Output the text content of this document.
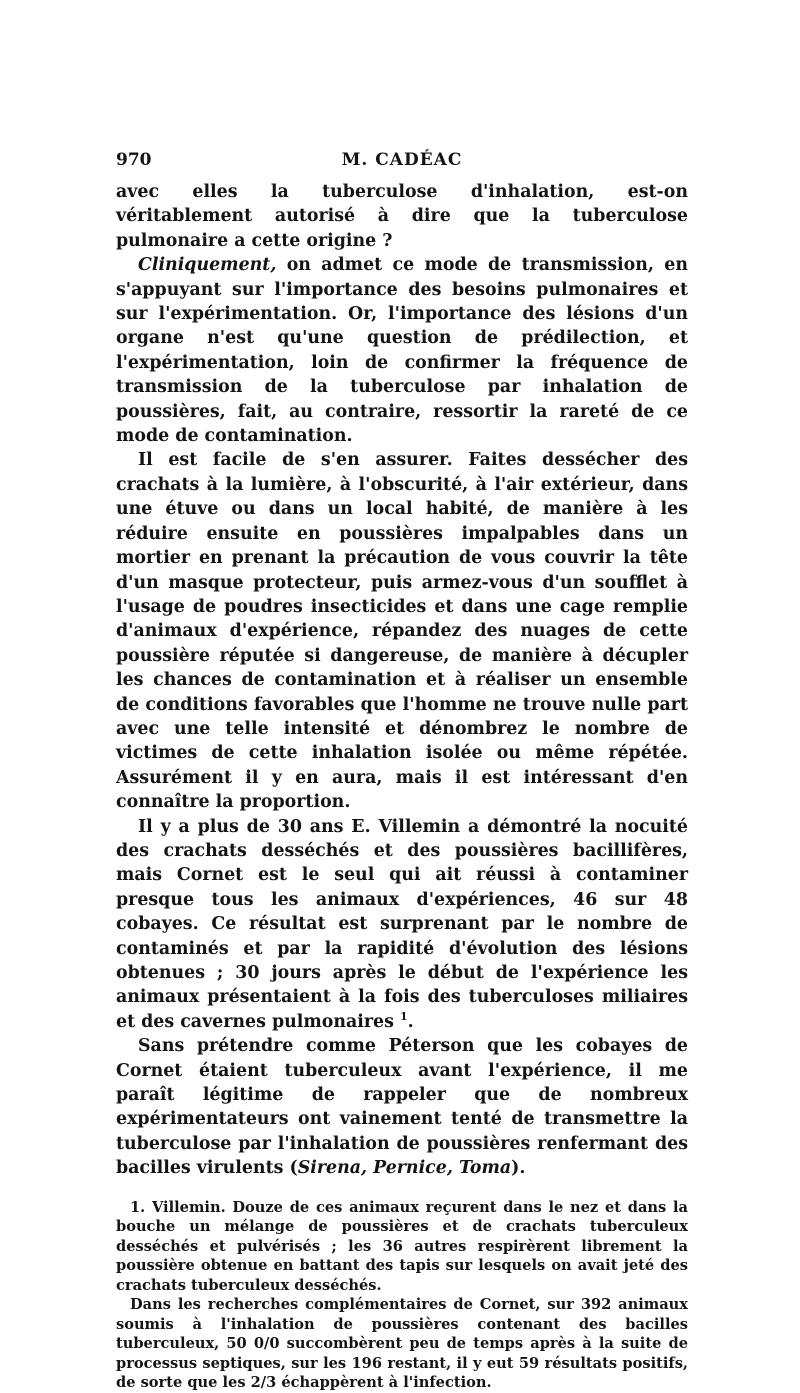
970	M. CADÉAC

avec elles la tuberculose d'inhalation, est-on véritablement autorisé à dire que la tuberculose pulmonaire a cette origine ?

Cliniquement, on admet ce mode de transmission, en s'appuyant sur l'importance des besoins pulmonaires et sur l'expérimentation. Or, l'importance des lésions d'un organe n'est qu'une question de prédilection, et l'expérimentation, loin de confirmer la fréquence de transmission de la tuberculose par inhalation de poussières, fait, au contraire, ressortir la rareté de ce mode de contamination.

Il est facile de s'en assurer. Faites dessécher des crachats à la lumière, à l'obscurité, à l'air extérieur, dans une étuve ou dans un local habité, de manière à les réduire ensuite en poussières impalpables dans un mortier en prenant la précaution de vous couvrir la tête d'un masque protecteur, puis armez-vous d'un soufflet à l'usage de poudres insecticides et dans une cage remplie d'animaux d'expérience, répandez des nuages de cette poussière réputée si dangereuse, de manière à décupler les chances de contamination et à réaliser un ensemble de conditions favorables que l'homme ne trouve nulle part avec une telle intensité et dénombrez le nombre de victimes de cette inhalation isolée ou même répétée. Assurément il y en aura, mais il est intéressant d'en connaître la proportion.

Il y a plus de 30 ans E. Villemin a démontré la nocuité des crachats desséchés et des poussières bacillifères, mais Cornet est le seul qui ait réussi à contaminer presque tous les animaux d'expériences, 46 sur 48 cobayes. Ce résultat est surprenant par le nombre de contaminés et par la rapidité d'évolution des lésions obtenues ; 30 jours après le début de l'expérience les animaux présentaient à la fois des tuberculoses miliaires et des cavernes pulmonaires $^1$.

Sans prétendre comme Péterson que les cobayes de Cornet étaient tuberculeux avant l'expérience, il me paraît légitime de rappeler que de nombreux expérimentateurs ont vainement tenté de transmettre la tuberculose par l'inhalation de poussières renfermant des bacilles virulents (Sirena, Pernice, Toma).

1. Villemin. Douze de ces animaux reçurent dans le nez et dans la bouche un mélange de poussières et de crachats tuberculeux desséchés et pulvérisés ; les 36 autres respirèrent librement la poussière obtenue en battant des tapis sur lesquels on avait jeté des crachats tuberculeux desséchés.

Dans les recherches complémentaires de Cornet, sur 392 animaux soumis à l'inhalation de poussières contenant des bacilles tuberculeux, 50 0/0 succombèrent peu de temps après à la suite de processus septiques, sur les 196 restant, il y eut 59 résultats positifs, de sorte que les 2/3 échappèrent à l'infection.
